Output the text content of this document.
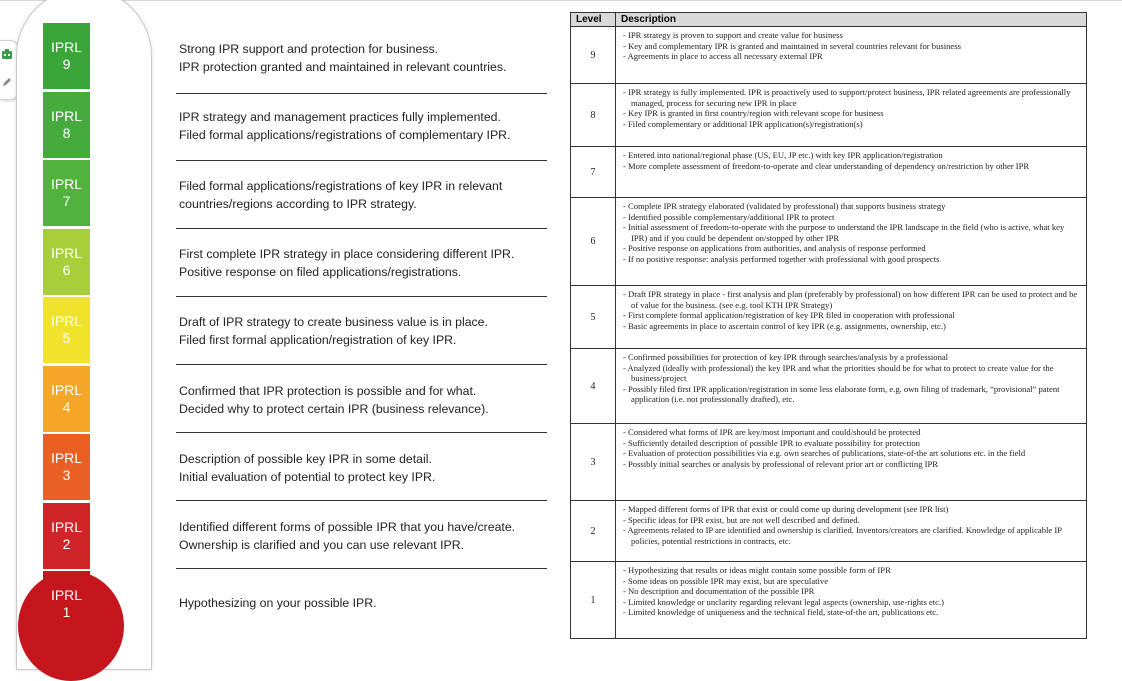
IPRL
9
IPRL
8
IPRL
7
IPRL
6
IPRL
5
IPRL
4
IPRL
3
IPRL
2
IPRL
1
Strong IPR support and protection for business.
IPR protection granted and maintained in relevant countries.
IPR strategy and management practices fully implemented.
Filed formal applications/registrations of complementary IPR.
Filed formal applications/registrations of key IPR in relevant
countries/regions according to IPR strategy.
First complete IPR strategy in place considering different IPR.
Positive response on filed applications/registrations.
Draft of IPR strategy to create business value is in place.
Filed first formal application/registration of key IPR.
Confirmed that IPR protection is possible and for what.
Decided why to protect certain IPR (business relevance).
Description of possible key IPR in some detail.
Initial evaluation of potential to protect key IPR.
Identified different forms of possible IPR that you have/create.
Ownership is clarified and you can use relevant IPR.
Hypothesizing on your possible IPR.
Level	Description
9
- IPR strategy is proven to support and create value for business
- Key and complementary IPR is granted and maintained in several countries relevant for business
- Agreements in place to access all necessary external IPR
8
- IPR strategy is fully implemented. IPR is proactively used to support/protect business, IPR related agreements are professionally managed, process for securing new IPR in place
- Key IPR is granted in first country/region with relevant scope for business
- Filed complementary or additional IPR application(s)/registration(s)
7
- Entered into national/regional phase (US, EU, JP etc.) with key IPR application/registration
- More complete assessment of freedom-to-operate and clear understanding of dependency on/restriction by other IPR
6
- Complete IPR strategy elaborated (validated by professional) that supports business strategy
- Identified possible complementary/additional IPR to protect
- Initial assessment of freedom-to-operate with the purpose to understand the IPR landscape in the field (who is active, what key IPR) and if you could be dependent on/stopped by other IPR
- Positive response on applications from authorities, and analysis of response performed
- If no positive response: analysis performed together with professional with good prospects
5
- Draft IPR strategy in place - first analysis and plan (preferably by professional) on how different IPR can be used to protect and be of value for the business. (see e.g. tool KTH IPR Strategy)
- First complete formal application/registration of key IPR filed in cooperation with professional
- Basic agreements in place to ascertain control of key IPR (e.g. assignments, ownership, etc.)
4
- Confirmed possibilities for protection of key IPR through searches/analysis by a professional
- Analyzed (ideally with professional) the key IPR and what the priorities should be for what to protect to create value for the business/project
- Possibly filed first IPR application/registration in some less elaborate form, e.g. own filing of trademark, “provisional” patent application (i.e. not professionally drafted), etc.
3
- Considered what forms of IPR are key/most important and could/should be protected
- Sufficiently detailed description of possible IPR to evaluate possibility for protection
- Evaluation of protection possibilities via e.g. own searches of publications, state-of-the art solutions etc. in the field
- Possibly initial searches or analysis by professional of relevant prior art or conflicting IPR
2
- Mapped different forms of IPR that exist or could come up during development (see IPR list)
- Specific ideas for IPR exist, but are not well described and defined.
- Agreements related to IP are identified and ownership is clarified. Inventors/creators are clarified. Knowledge of applicable IP policies, potential restrictions in contracts, etc.
1
- Hypothesizing that results or ideas might contain some possible form of IPR
- Some ideas on possible IPR may exist, but are speculative
- No description and documentation of the possible IPR
- Limited knowledge or unclarity regarding relevant legal aspects (ownership, use-rights etc.)
- Limited knowledge of uniqueness and the technical field, state-of-the art, publications etc.
